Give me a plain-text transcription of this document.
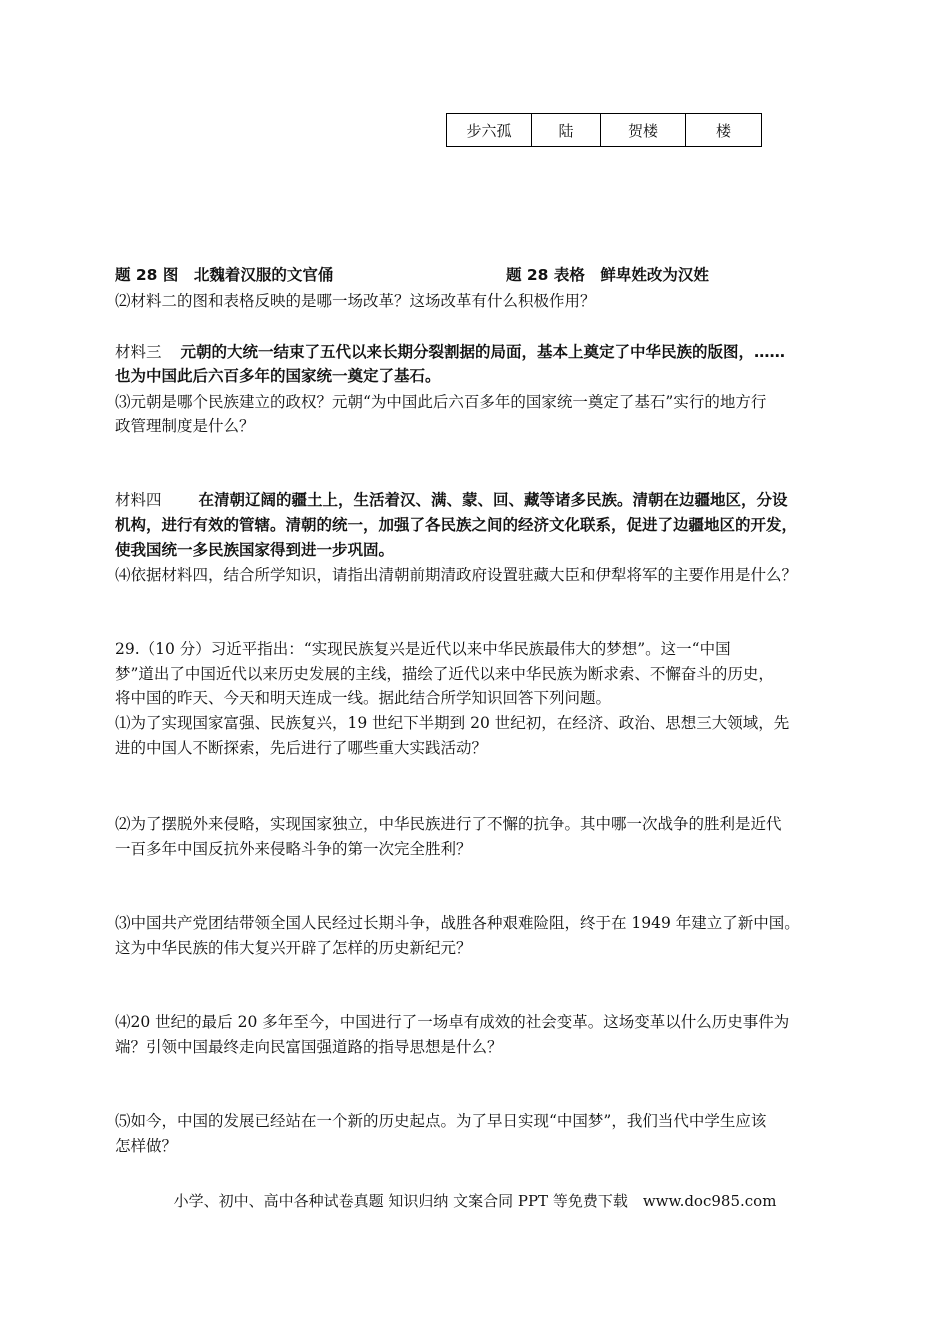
步六孤	陆	贺楼	楼
题 28 图　北魏着汉服的文官俑	题 28 表格　鲜卑姓改为汉姓
⑵材料二的图和表格反映的是哪一场改革？这场改革有什么积极作用？
材料三 元朝的大统一结束了五代以来长期分裂割据的局面，基本上奠定了中华民族的版图，……
也为中国此后六百多年的国家统一奠定了基石。
⑶元朝是哪个民族建立的政权？元朝“为中国此后六百多年的国家统一奠定了基石”实行的地方行
政管理制度是什么？
材料四 在清朝辽阔的疆土上，生活着汉、满、蒙、回、藏等诸多民族。清朝在边疆地区，分设
机构，进行有效的管辖。清朝的统一，加强了各民族之间的经济文化联系，促进了边疆地区的开发，
使我国统一多民族国家得到进一步巩固。
⑷依据材料四，结合所学知识，请指出清朝前期清政府设置驻藏大臣和伊犁将军的主要作用是什么？
29.（10 分）习近平指出：“实现民族复兴是近代以来中华民族最伟大的梦想”。这一“中国
梦”道出了中国近代以来历史发展的主线，描绘了近代以来中华民族为断求索、不懈奋斗的历史，
将中国的昨天、今天和明天连成一线。据此结合所学知识回答下列问题。
⑴为了实现国家富强、民族复兴，19 世纪下半期到 20 世纪初，在经济、政治、思想三大领域，先
进的中国人不断探索，先后进行了哪些重大实践活动？
⑵为了摆脱外来侵略，实现国家独立，中华民族进行了不懈的抗争。其中哪一次战争的胜利是近代
一百多年中国反抗外来侵略斗争的第一次完全胜利？
⑶中国共产党团结带领全国人民经过长期斗争，战胜各种艰难险阻，终于在 1949 年建立了新中国。
这为中华民族的伟大复兴开辟了怎样的历史新纪元？
⑷20 世纪的最后 20 多年至今，中国进行了一场卓有成效的社会变革。这场变革以什么历史事件为
端？引领中国最终走向民富国强道路的指导思想是什么？
⑸如今，中国的发展已经站在一个新的历史起点。为了早日实现“中国梦”，我们当代中学生应该
怎样做？
小学、初中、高中各种试卷真题 知识归纳 文案合同 PPT 等免费下载　www.doc985.com
